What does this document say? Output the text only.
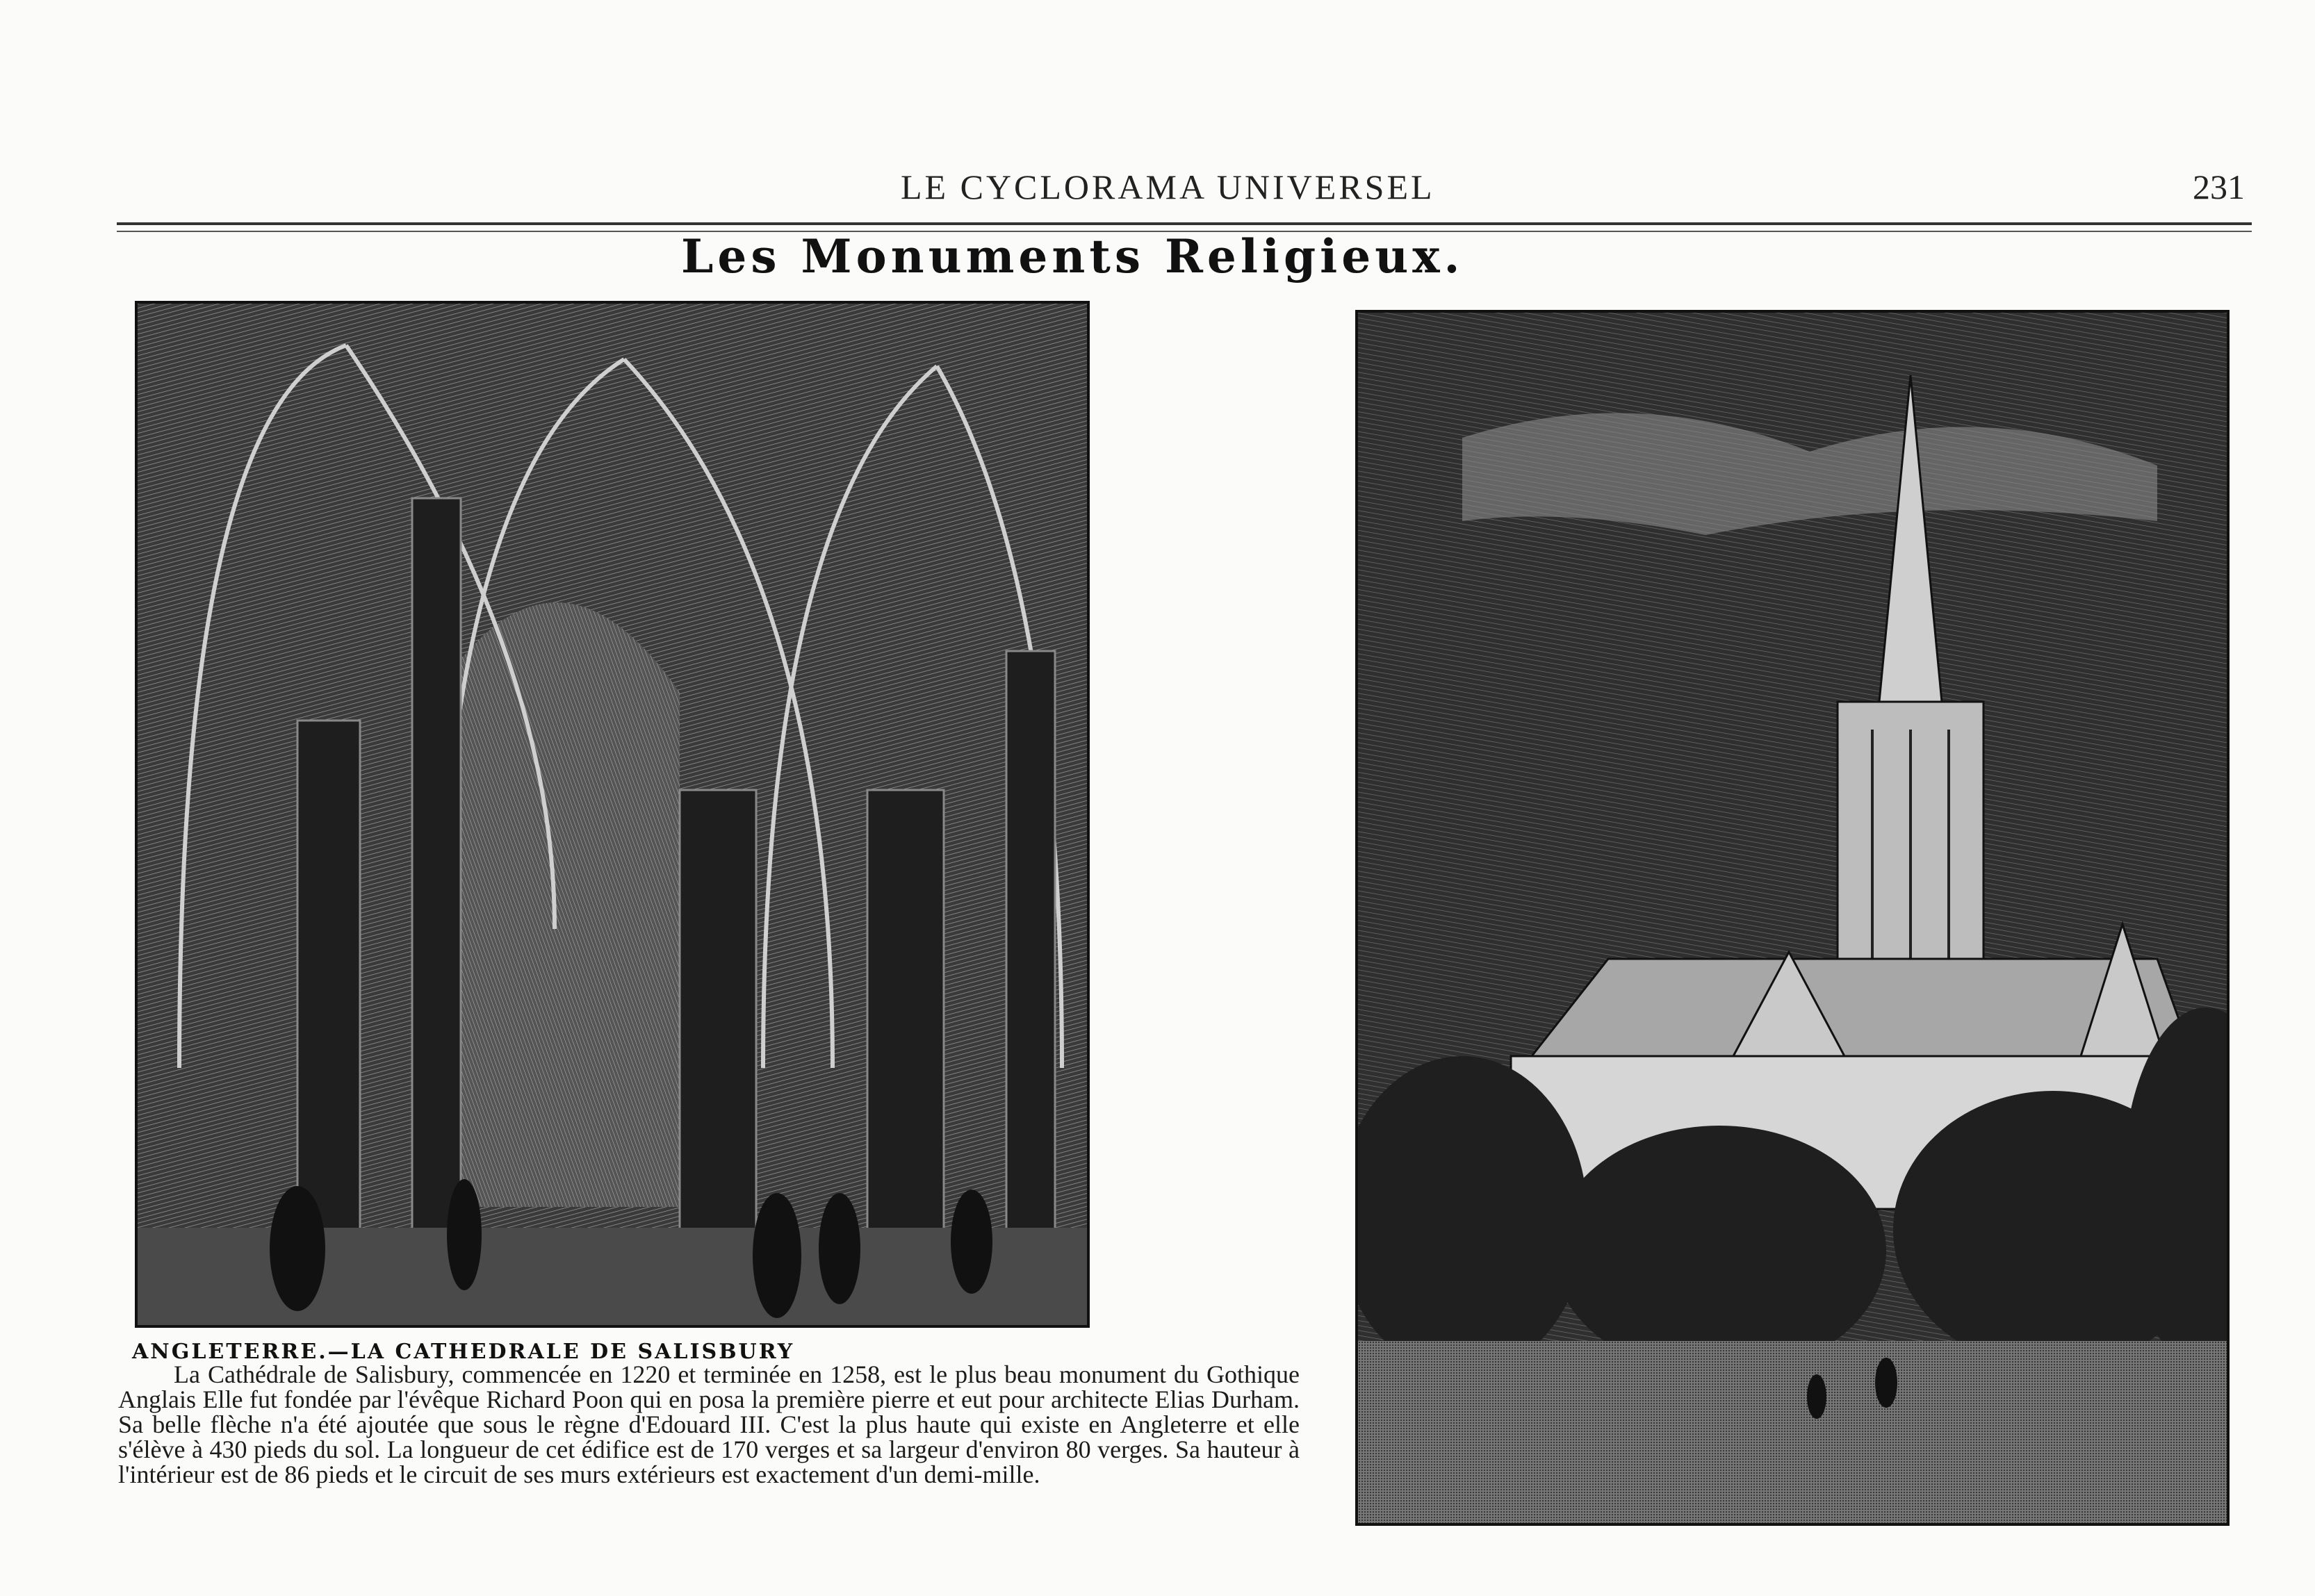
LE CYCLORAMA UNIVERSEL	231
Les Monuments Religieux.
ANGLETERRE.—LA CATHEDRALE DE SALISBURY
La Cathédrale de Salisbury, commencée en 1220 et terminée en 1258, est le plus beau monument du Gothique Anglais Elle fut fondée par l'évêque Richard Poon qui en posa la première pierre et eut pour architecte Elias Durham. Sa belle flèche n'a été ajoutée que sous le règne d'Edouard III. C'est la plus haute qui existe en Angleterre et elle s'élève à 430 pieds du sol. La longueur de cet édifice est de 170 verges et sa largeur d'environ 80 verges. Sa hauteur à l'intérieur est de 86 pieds et le circuit de ses murs extérieurs est exactement d'un demi-mille.
